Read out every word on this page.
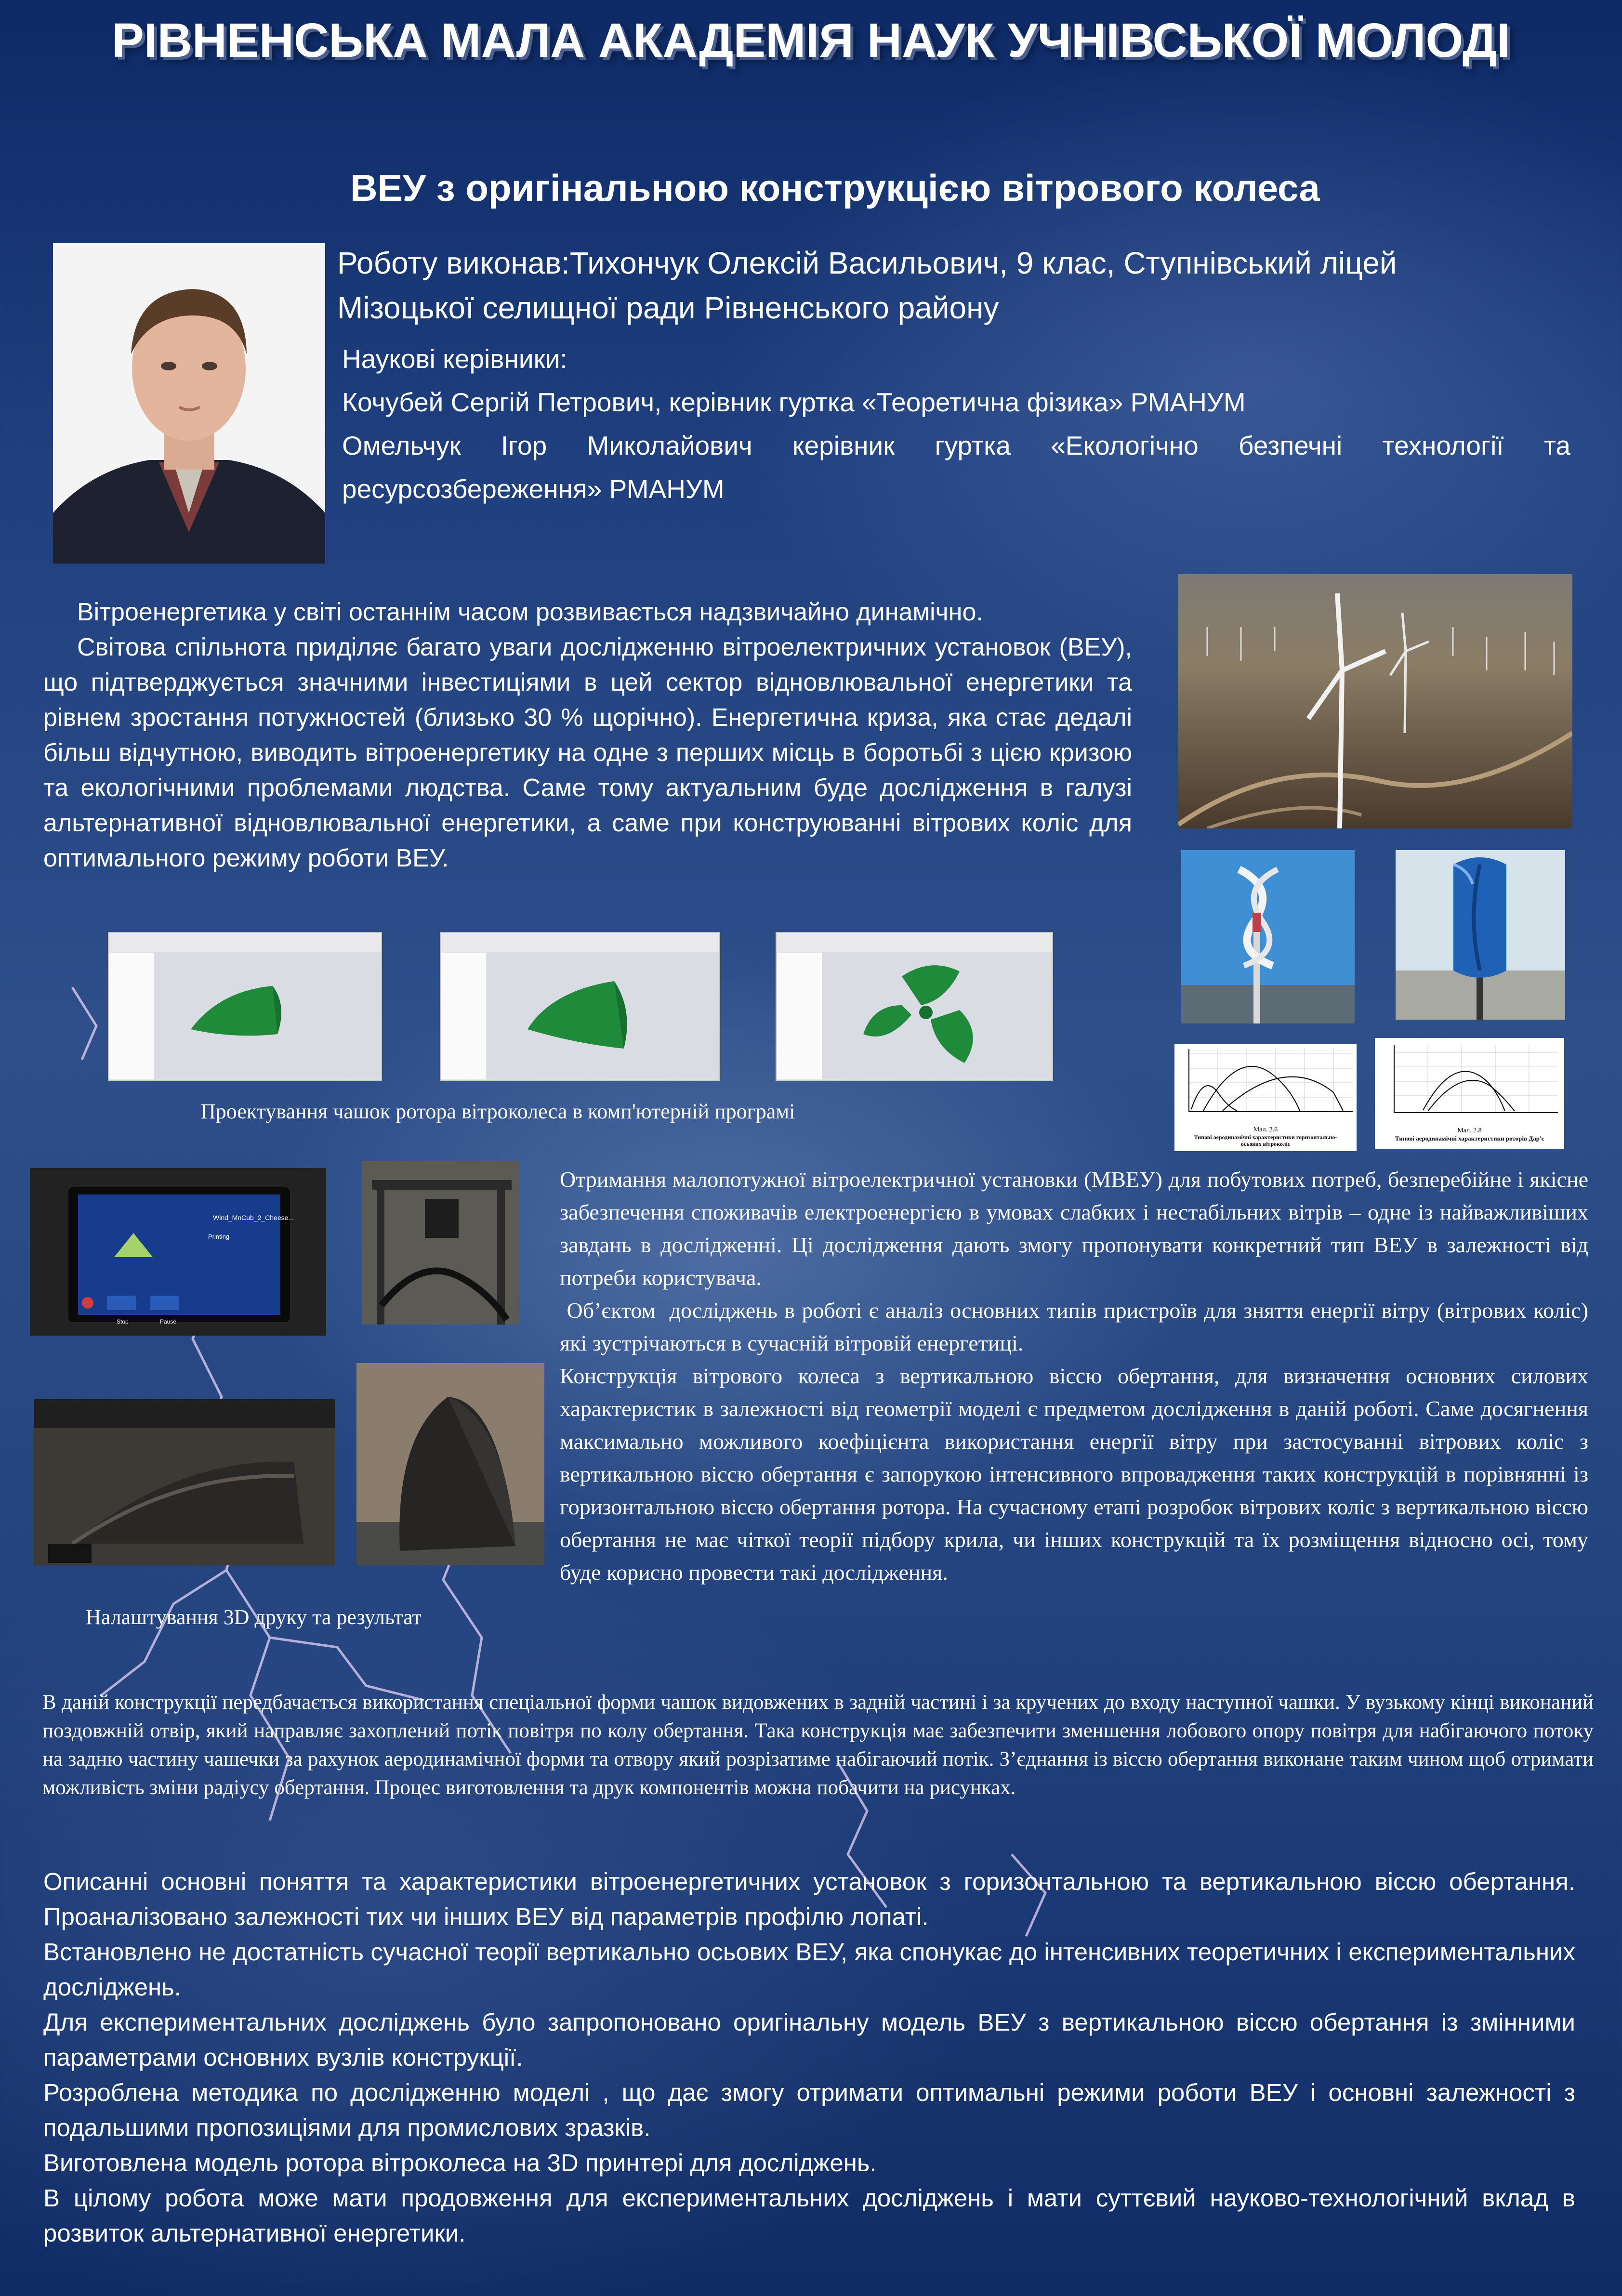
РІВНЕНСЬКА МАЛА АКАДЕМІЯ НАУК УЧНІВСЬКОЇ МОЛОДІ
ВЕУ з оригінальною конструкцією вітрового колеса
Роботу виконав:Тихончук Олексій Васильович, 9 клас, Ступнівський ліцей Мізоцької селищної ради Рівненського району
Наукові керівники:
Кочубей Сергій Петрович, керівник гуртка «Теоретична фізика» РМАНУМ
Омельчук Ігор Миколайович керівник гуртка «Екологічно безпечні технології та ресурсозбереження» РМАНУМ

Вітроенергетика у світі останнім часом розвивається надзвичайно динамічно.

Світова спільнота приділяє багато уваги дослідженню вітроелектричних установок (ВЕУ), що підтверджується значними інвестиціями в цей сектор відновлювальної енергетики та рівнем зростання потужностей (близько 30 % щорічно). Енергетична криза, яка стає дедалі більш відчутною, виводить вітроенергетику на одне з перших місць в боротьбі з цією кризою та екологічними проблемами людства. Саме тому актуальним буде дослідження в галузі альтернативної відновлювальної енергетики, а саме при конструюванні вітрових коліс для оптимального режиму роботи ВЕУ.

Мал. 2.6
Типові аеродинамічні характеристики горизонтально-осьових вітроколіс
Мал. 2.8
Типові аеродинамічні характеристики роторів Дар'є
Проектування чашок ротора вітроколеса в комп'ютерній програмі
Wind_MnCub_2_Cheese...
Printing
Stop	Pause
Налаштування 3D друку та результат

Отримання малопотужної вітроелектричної установки (МВЕУ) для побутових потреб, безперебійне і якісне забезпечення споживачів електроенергією в умовах слабких і нестабільних вітрів – одне із найважливіших завдань в дослідженні. Ці дослідження дають змогу пропонувати конкретний тип ВЕУ в залежності від потреби користувача.

Об’єктом  досліджень в роботі є аналіз основних типів пристроїв для зняття енергії вітру (вітрових коліс) які зустрічаються в сучасній вітровій енергетиці.

Конструкція вітрового колеса з вертикальною віссю обертання, для визначення основних силових характеристик в залежності від геометрії моделі є предметом дослідження в даній роботі. Саме досягнення максимально можливого коефіцієнта використання енергії вітру при застосуванні вітрових коліс з вертикальною віссю обертання є запорукою інтенсивного впровадження таких конструкцій в порівнянні із горизонтальною віссю обертання ротора. На сучасному етапі розробок вітрових коліс з вертикальною віссю обертання не має чіткої теорії підбору крила, чи інших конструкцій та їх розміщення відносно осі, тому буде корисно провести такі дослідження.

В даній конструкції передбачається використання спеціальної форми чашок видовжених в задній частині і за кручених до входу наступної чашки. У вузькому кінці виконаний поздовжній отвір, який направляє захоплений потік повітря по колу обертання. Така конструкція має забезпечити зменшення лобового опору повітря для набігаючого потоку на задню частину чашечки за рахунок аеродинамічної форми та отвору який розрізатиме набігаючий потік. З’єднання із віссю обертання виконане таким чином щоб отримати можливість зміни радіусу обертання. Процес виготовлення та друк компонентів можна побачити на рисунках.

Описанні основні поняття та характеристики вітроенергетичних установок з горизонтальною та вертикальною віссю обертання. Проаналізовано залежності тих чи інших ВЕУ від параметрів профілю лопаті.

Встановлено не достатність сучасної теорії вертикально осьових ВЕУ, яка спонукає до інтенсивних теоретичних і експериментальних досліджень.

Для експериментальних досліджень було запропоновано оригінальну модель ВЕУ з вертикальною віссю обертання із змінними параметрами основних вузлів конструкції.

Розроблена методика по дослідженню моделі , що дає змогу отримати оптимальні режими роботи ВЕУ і основні залежності з подальшими пропозиціями для промислових зразків.

Виготовлена модель ротора вітроколеса на 3D принтері для досліджень.

В цілому робота може мати продовження для експериментальних досліджень і мати суттєвий науково-технологічний вклад в розвиток альтернативної енергетики.
